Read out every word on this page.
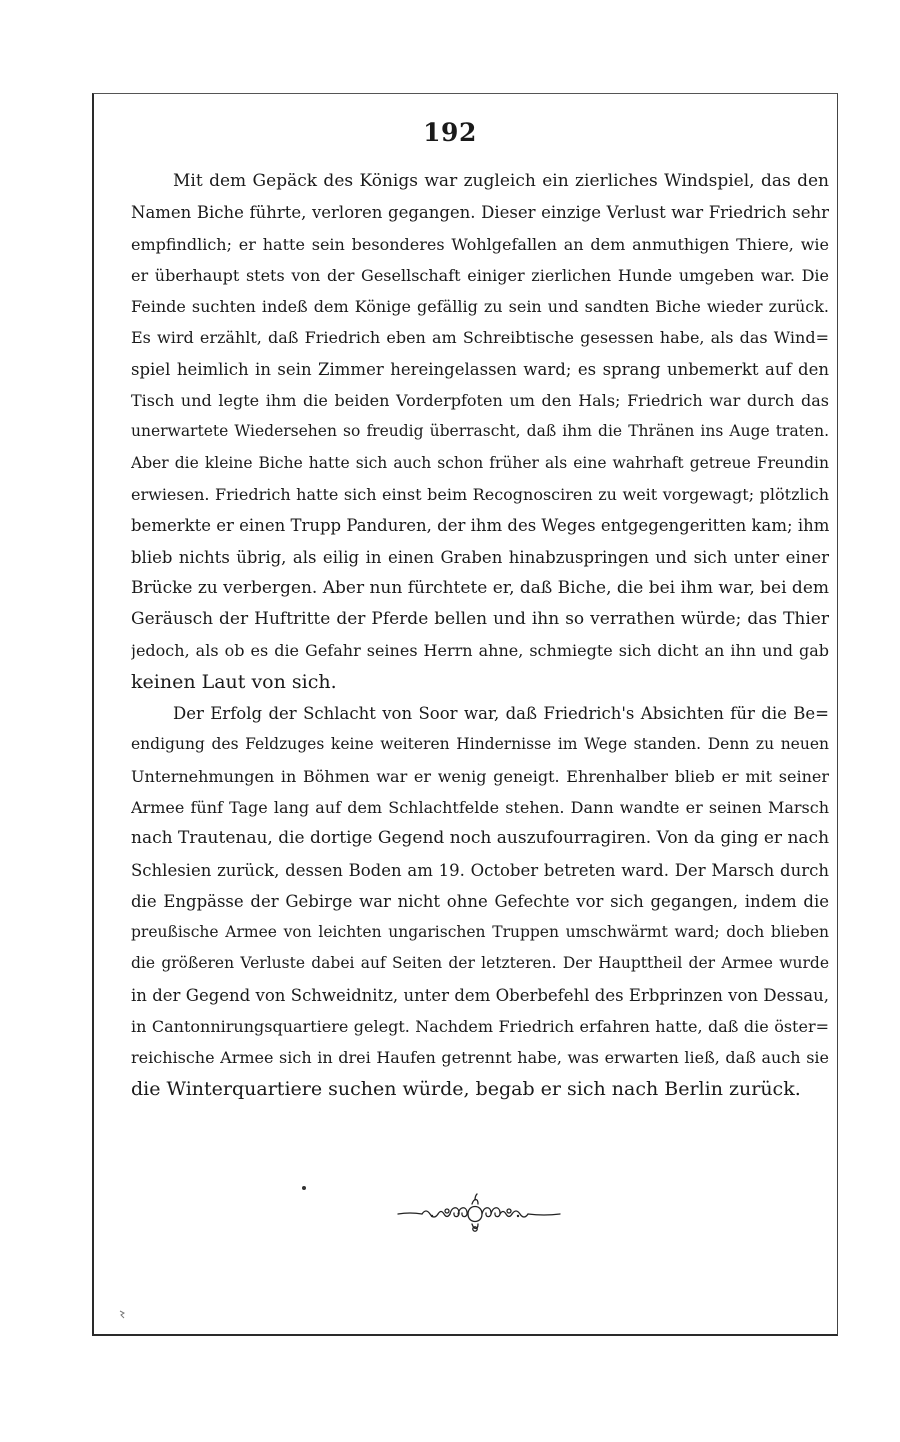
192

Mit dem Gepäck des Königs war zugleich ein zierliches Windspiel, das den
Namen Biche führte, verloren gegangen. Dieser einzige Verlust war Friedrich sehr
empfindlich; er hatte sein besonderes Wohlgefallen an dem anmuthigen Thiere, wie
er überhaupt stets von der Gesellschaft einiger zierlichen Hunde umgeben war. Die
Feinde suchten indeß dem Könige gefällig zu sein und sandten Biche wieder zurück.
Es wird erzählt, daß Friedrich eben am Schreibtische gesessen habe, als das Wind=
spiel heimlich in sein Zimmer hereingelassen ward; es sprang unbemerkt auf den
Tisch und legte ihm die beiden Vorderpfoten um den Hals; Friedrich war durch das
unerwartete Wiedersehen so freudig überrascht, daß ihm die Thränen ins Auge traten.
Aber die kleine Biche hatte sich auch schon früher als eine wahrhaft getreue Freundin
erwiesen. Friedrich hatte sich einst beim Recognosciren zu weit vorgewagt; plötzlich
bemerkte er einen Trupp Panduren, der ihm des Weges entgegengeritten kam; ihm
blieb nichts übrig, als eilig in einen Graben hinabzuspringen und sich unter einer
Brücke zu verbergen. Aber nun fürchtete er, daß Biche, die bei ihm war, bei dem
Geräusch der Huftritte der Pferde bellen und ihn so verrathen würde; das Thier
jedoch, als ob es die Gefahr seines Herrn ahne, schmiegte sich dicht an ihn und gab
keinen Laut von sich.

Der Erfolg der Schlacht von Soor war, daß Friedrich's Absichten für die Be=
endigung des Feldzuges keine weiteren Hindernisse im Wege standen. Denn zu neuen
Unternehmungen in Böhmen war er wenig geneigt. Ehrenhalber blieb er mit seiner
Armee fünf Tage lang auf dem Schlachtfelde stehen. Dann wandte er seinen Marsch
nach Trautenau, die dortige Gegend noch auszufourragiren. Von da ging er nach
Schlesien zurück, dessen Boden am 19. October betreten ward. Der Marsch durch
die Engpässe der Gebirge war nicht ohne Gefechte vor sich gegangen, indem die
preußische Armee von leichten ungarischen Truppen umschwärmt ward; doch blieben
die größeren Verluste dabei auf Seiten der letzteren. Der Haupttheil der Armee wurde
in der Gegend von Schweidnitz, unter dem Oberbefehl des Erbprinzen von Dessau,
in Cantonnirungsquartiere gelegt. Nachdem Friedrich erfahren hatte, daß die öster=
reichische Armee sich in drei Haufen getrennt habe, was erwarten ließ, daß auch sie
die Winterquartiere suchen würde, begab er sich nach Berlin zurück.
